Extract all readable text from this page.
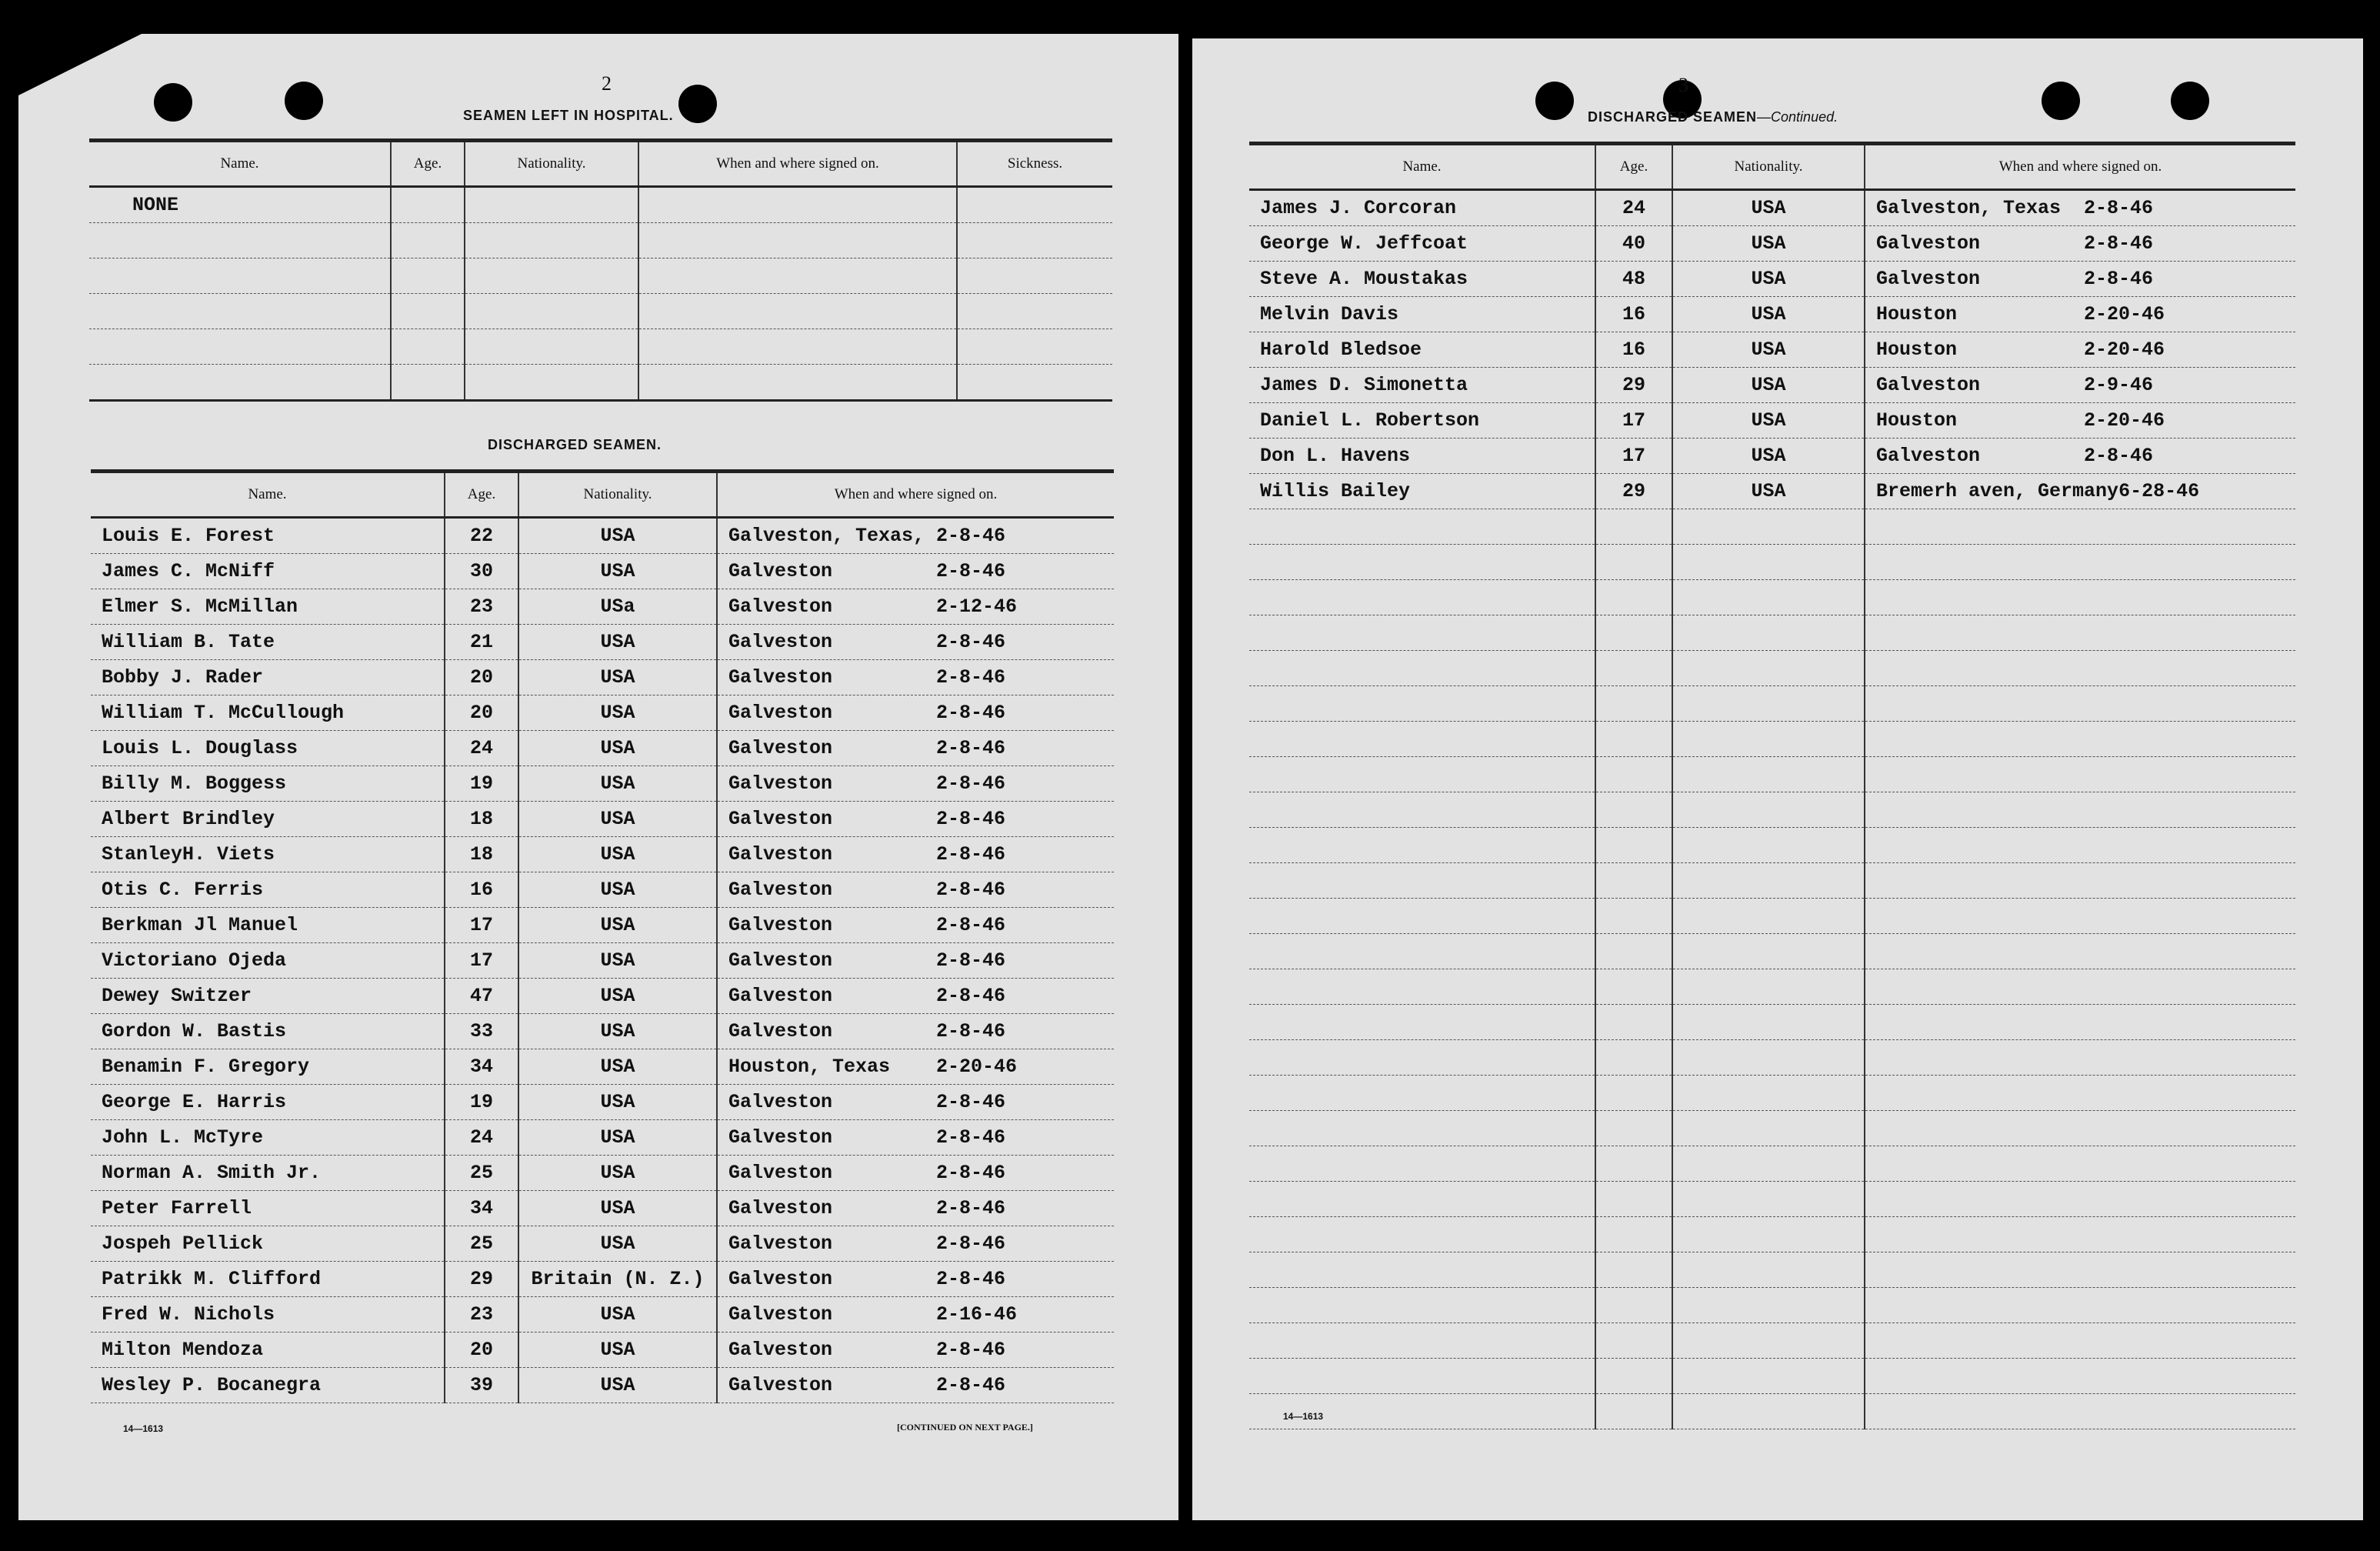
2
SEAMEN LEFT IN HOSPITAL.
Name.	Age.	Nationality.	When and where signed on.	Sickness.
NONE				

DISCHARGED SEAMEN.
Name.	Age.	Nationality.	When and where signed on.
Louis E. Forest	22	USA	Galveston, Texas, 2-8-46
James C. McNiff	30	USA	Galveston 2-8-46
Elmer S. McMillan	23	USa	Galveston 2-12-46
William B. Tate	21	USA	Galveston 2-8-46
Bobby J. Rader	20	USA	Galveston 2-8-46
William T. McCullough	20	USA	Galveston 2-8-46
Louis L. Douglass	24	USA	Galveston 2-8-46
Billy M. Boggess	19	USA	Galveston 2-8-46
Albert Brindley	18	USA	Galveston 2-8-46
StanleyH. Viets	18	USA	Galveston 2-8-46
Otis C. Ferris	16	USA	Galveston 2-8-46
Berkman Jl Manuel	17	USA	Galveston 2-8-46
Victoriano Ojeda	17	USA	Galveston 2-8-46
Dewey Switzer	47	USA	Galveston 2-8-46
Gordon W. Bastis	33	USA	Galveston 2-8-46
Benamin F. Gregory	34	USA	Houston, Texas 2-20-46
George E. Harris	19	USA	Galveston 2-8-46
John L. McTyre	24	USA	Galveston 2-8-46
Norman A. Smith Jr.	25	USA	Galveston 2-8-46
Peter Farrell	34	USA	Galveston 2-8-46
Jospeh Pellick	25	USA	Galveston 2-8-46
Patrikk M. Clifford	29	Britain (N. Z.)	Galveston 2-8-46
Fred W. Nichols	23	USA	Galveston 2-16-46
Milton Mendoza	20	USA	Galveston 2-8-46
Wesley P. Bocanegra	39	USA	Galveston 2-8-46
14—1613	[CONTINUED ON NEXT PAGE.]
3
DISCHARGED SEAMEN—Continued.
Name.	Age.	Nationality.	When and where signed on.
James J. Corcoran	24	USA	Galveston, Texas 2-8-46
George W. Jeffcoat	40	USA	Galveston 2-8-46
Steve A. Moustakas	48	USA	Galveston 2-8-46
Melvin Davis	16	USA	Houston 2-20-46
Harold Bledsoe	16	USA	Houston 2-20-46
James D. Simonetta	29	USA	Galveston 2-9-46
Daniel L. Robertson	17	USA	Houston 2-20-46
Don L. Havens	17	USA	Galveston 2-8-46
Willis Bailey	29	USA	Bremerh aven, Germany6-28-46

14—1613
